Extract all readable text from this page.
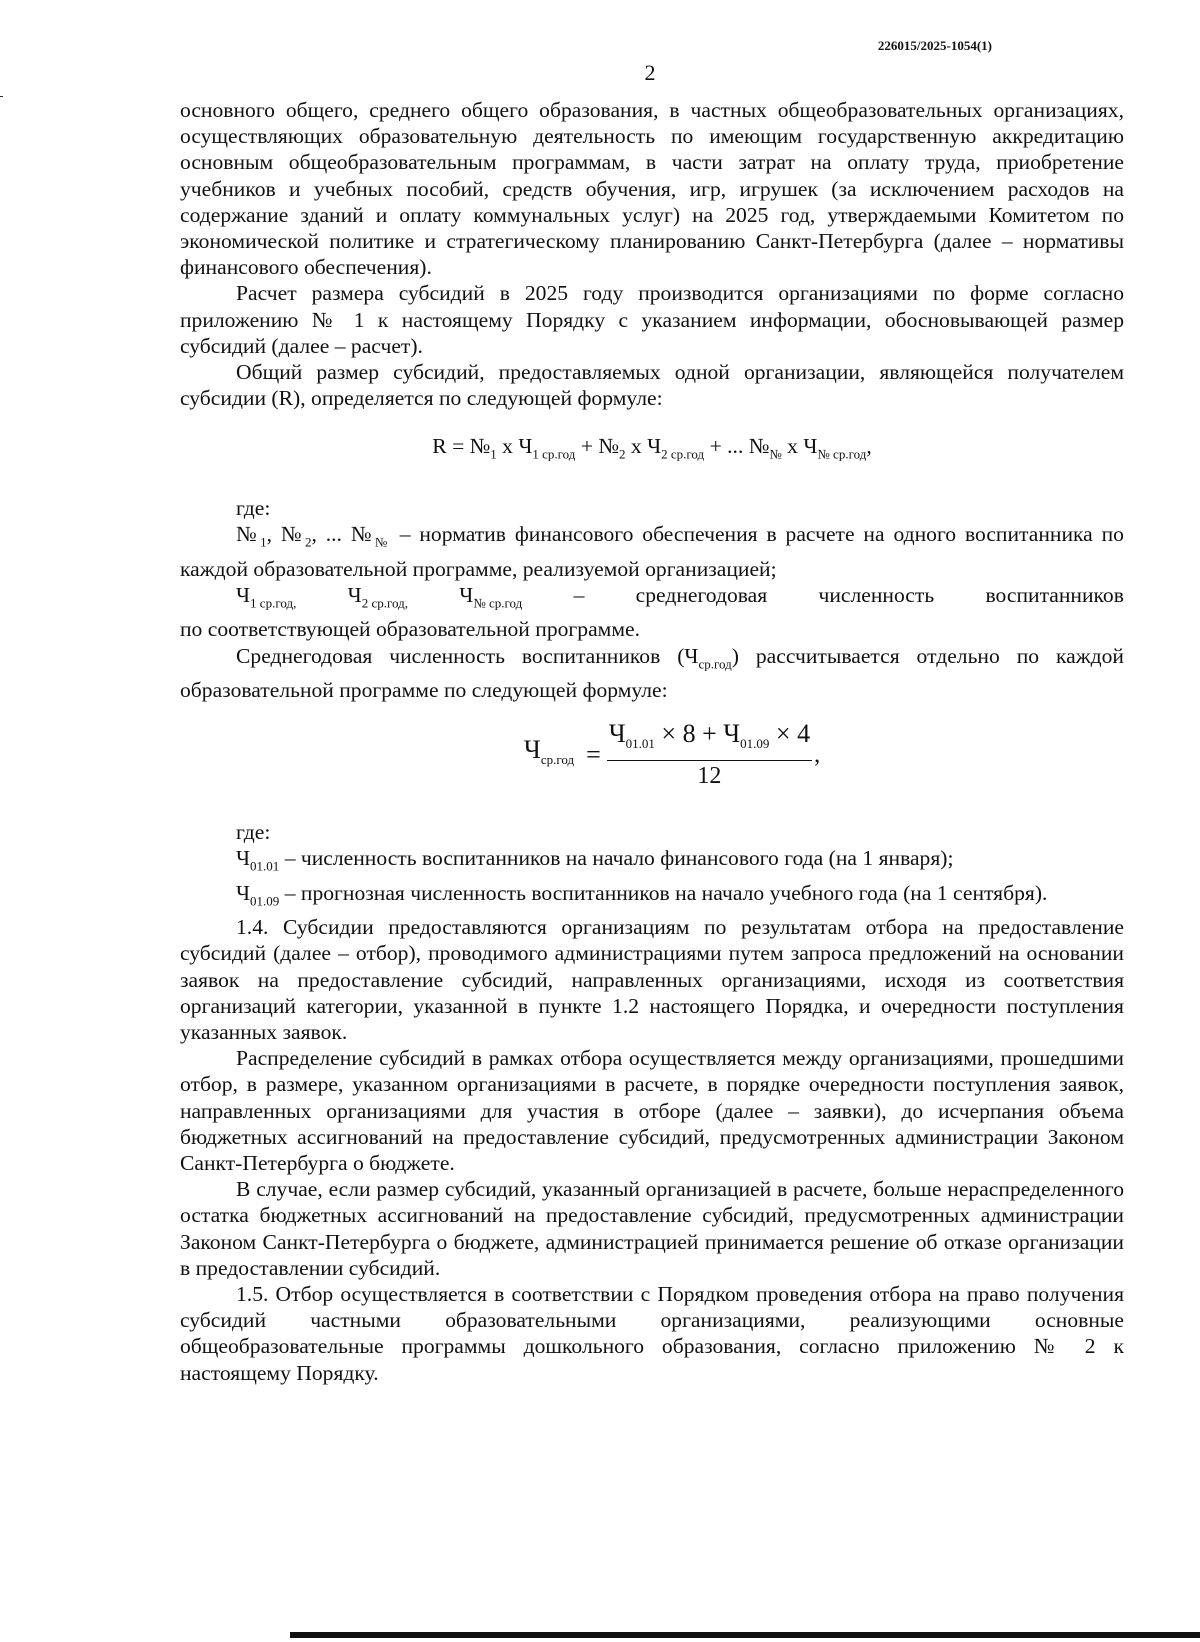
226015/2025-1054(1)
2

основного общего, среднего общего образования, в частных общеобразовательных организациях, осуществляющих образовательную деятельность по имеющим государственную аккредитацию основным общеобразовательным программам, в части затрат на оплату труда, приобретение учебников и учебных пособий, средств обучения, игр, игрушек (за исключением расходов на содержание зданий и оплату коммунальных услуг) на 2025 год, утверждаемыми Комитетом по экономической политике и стратегическому планированию Санкт-Петербурга (далее – нормативы финансового обеспечения).

Расчет размера субсидий в 2025 году производится организациями по форме согласно приложению № 1 к настоящему Порядку с указанием информации, обосновывающей размер субсидий (далее – расчет).

Общий размер субсидий, предоставляемых одной организации, являющейся получателем субсидии (R), определяется по следующей формуле:

$R = №_1$ х $Ч_{1 ср.год}$ + $№_2$ х $Ч_{2 ср.год}$ + ... $№_№$ х $Ч_{№ ср.год}$,

где:

$№_1$, $№_2$, ... $№_№$ – норматив финансового обеспечения в расчете на одного воспитанника по каждой образовательной программе, реализуемой организацией;

$Ч_{1 ср.год,}$ $Ч_{2 ср.год,}$ $Ч_{№ ср.год}$ – среднегодовая численность воспитанников

по соответствующей образовательной программе.

Среднегодовая численность воспитанников $(Ч_{ср.год})$ рассчитывается отдельно по каждой образовательной программе по следующей формуле:

$Ч_{ср.год} = \frac{Ч_{01.01} \times 8 + Ч_{01.09} \times 4}{12}$ ,

где:

$Ч_{01.01}$ – численность воспитанников на начало финансового года (на 1 января);

$Ч_{01.09}$ – прогнозная численность воспитанников на начало учебного года (на 1 сентября).

1.4. Субсидии предоставляются организациям по результатам отбора на предоставление субсидий (далее – отбор), проводимого администрациями путем запроса предложений на основании заявок на предоставление субсидий, направленных организациями, исходя из соответствия организаций категории, указанной в пункте 1.2 настоящего Порядка, и очередности поступления указанных заявок.

Распределение субсидий в рамках отбора осуществляется между организациями, прошедшими отбор, в размере, указанном организациями в расчете, в порядке очередности поступления заявок, направленных организациями для участия в отборе (далее – заявки), до исчерпания объема бюджетных ассигнований на предоставление субсидий, предусмотренных администрации Законом Санкт-Петербурга о бюджете.

В случае, если размер субсидий, указанный организацией в расчете, больше нераспределенного остатка бюджетных ассигнований на предоставление субсидий, предусмотренных администрации Законом Санкт-Петербурга о бюджете, администрацией принимается решение об отказе организации в предоставлении субсидий.

1.5. Отбор осуществляется в соответствии с Порядком проведения отбора на право получения субсидий частными образовательными организациями, реализующими основные общеобразовательные программы дошкольного образования, согласно приложению № 2 к настоящему Порядку.
